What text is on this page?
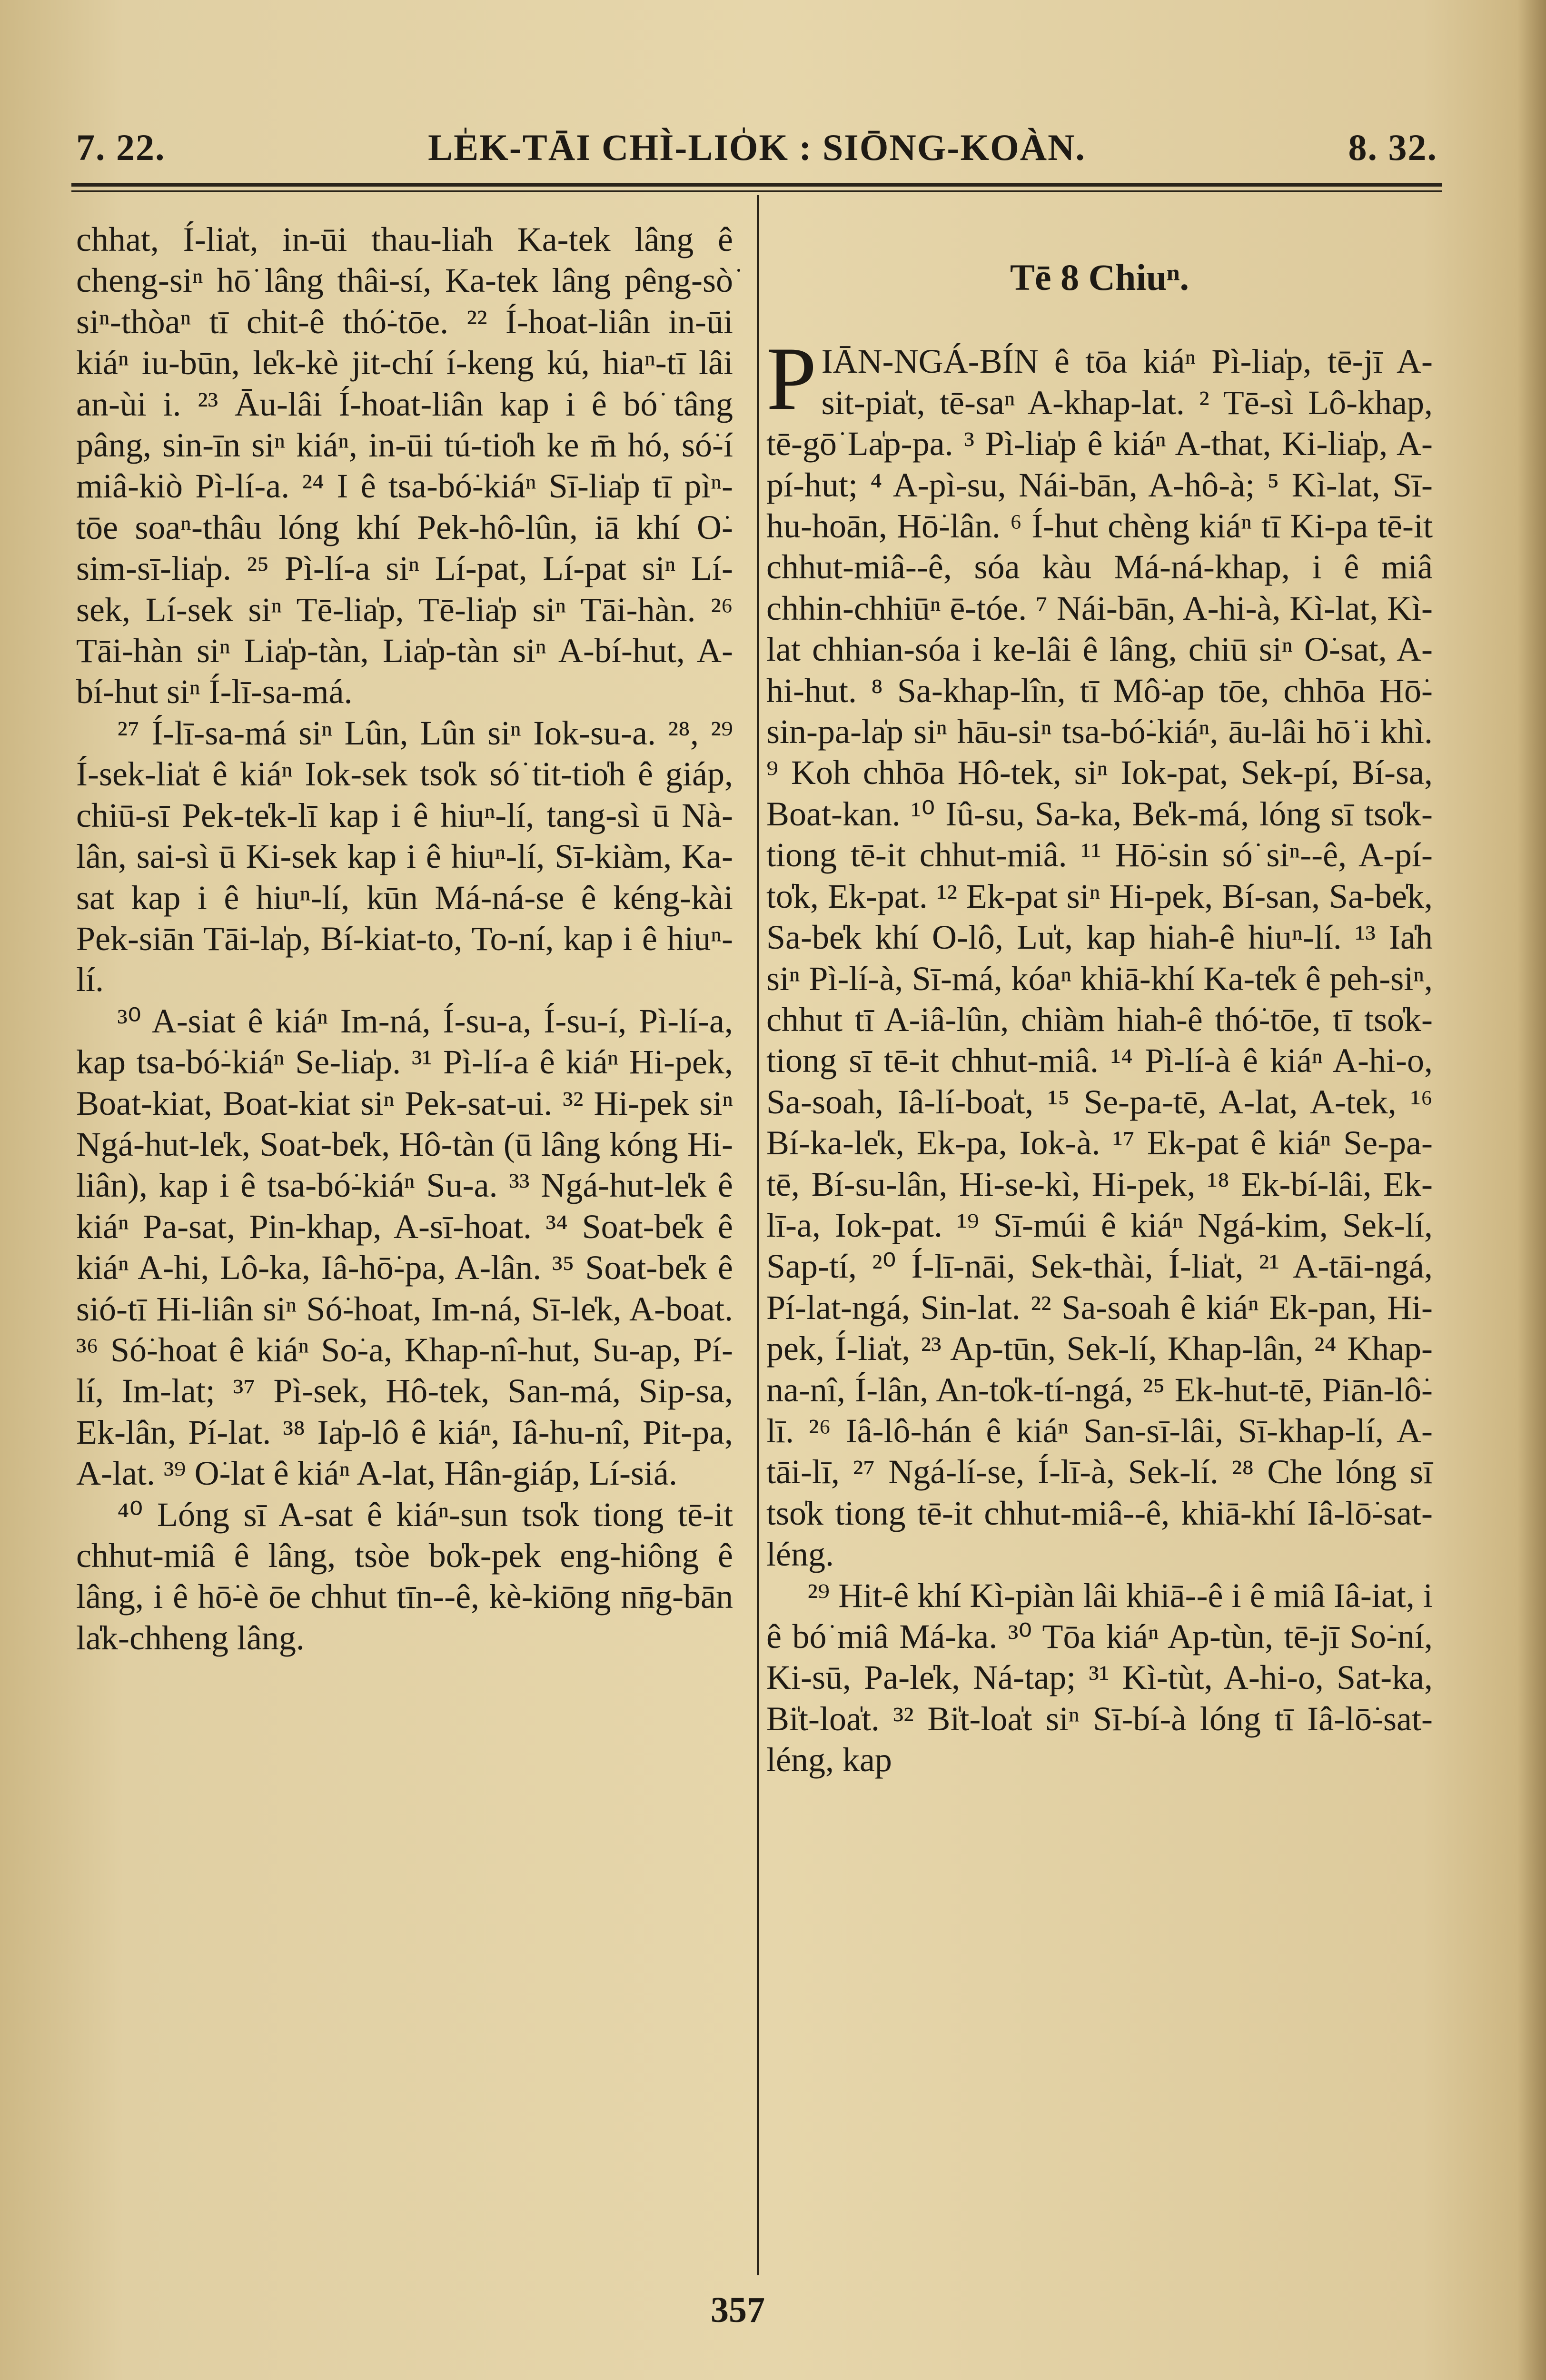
7. 22.	LE̍K-TĀI CHÌ-LIO̍K : SIŌNG-KOÀN.	8. 32.

chhat, Í-lia̍t, in-ūi thau-lia̍h Ka-tek lâng ê cheng-siⁿ hō͘ lâng thâi-sí, Ka-tek lâng pêng-sò͘ siⁿ-thòaⁿ tī chit-ê thó͘-tōe. ²² Í-hoat-liân in-ūi kiáⁿ iu-būn, le̍k-kè jit-chí í-keng kú, hiaⁿ-tī lâi an-ùi i. ²³ Āu-lâi Í-hoat-liân kap i ê bó͘ tâng pâng, sin-īn siⁿ kiáⁿ, in-ūi tú-tio̍h ke m̄ hó, só͘-í miâ-kiò Pì-lí-a. ²⁴ I ê tsa-bó͘-kiáⁿ Sī-lia̍p tī pìⁿ-tōe soaⁿ-thâu lóng khí Pek-hô-lûn, iā khí O͘-sim-sī-lia̍p. ²⁵ Pì-lí-a siⁿ Lí-pat, Lí-pat siⁿ Lí-sek, Lí-sek siⁿ Tē-lia̍p, Tē-lia̍p siⁿ Tāi-hàn. ²⁶ Tāi-hàn siⁿ Lia̍p-tàn, Lia̍p-tàn siⁿ A-bí-hut, A-bí-hut siⁿ Í-lī-sa-má.

²⁷ Í-lī-sa-má siⁿ Lûn, Lûn siⁿ Iok-su-a. ²⁸, ²⁹ Í-sek-lia̍t ê kiáⁿ Iok-sek tso̍k só͘ tit-tio̍h ê giáp, chiū-sī Pek-te̍k-lī kap i ê hiuⁿ-lí, tang-sì ū Nà-lân, sai-sì ū Ki-sek kap i ê hiuⁿ-lí, Sī-kiàm, Ka-sat kap i ê hiuⁿ-lí, kūn Má-ná-se ê kéng-kài Pek-siān Tāi-la̍p, Bí-kiat-to, To-ní, kap i ê hiuⁿ-lí.

³⁰ A-siat ê kiáⁿ Im-ná, Í-su-a, Í-su-í, Pì-lí-a, kap tsa-bó͘-kiáⁿ Se-lia̍p. ³¹ Pì-lí-a ê kiáⁿ Hi-pek, Boat-kiat, Boat-kiat siⁿ Pek-sat-ui. ³² Hi-pek siⁿ Ngá-hut-le̍k, Soat-be̍k, Hô-tàn (ū lâng kóng Hi-liân), kap i ê tsa-bó͘-kiáⁿ Su-a. ³³ Ngá-hut-le̍k ê kiáⁿ Pa-sat, Pin-khap, A-sī-hoat. ³⁴ Soat-be̍k ê kiáⁿ A-hi, Lô-ka, Iâ-hō͘-pa, A-lân. ³⁵ Soat-be̍k ê sió-tī Hi-liân siⁿ Só͘-hoat, Im-ná, Sī-le̍k, A-boat. ³⁶ Só͘-hoat ê kiáⁿ So͘-a, Khap-nî-hut, Su-ap, Pí-lí, Im-lat; ³⁷ Pì-sek, Hô-tek, San-má, Sip-sa, Ek-lân, Pí-lat. ³⁸ Ia̍p-lô ê kiáⁿ, Iâ-hu-nî, Pit-pa, A-lat. ³⁹ O͘-lat ê kiáⁿ A-lat, Hân-giáp, Lí-siá.

⁴⁰ Lóng sī A-sat ê kiáⁿ-sun tso̍k tiong tē-it chhut-miâ ê lâng, tsòe bo̍k-pek eng-hiông ê lâng, i ê hō͘-è ōe chhut tīn--ê, kè-kiōng nn̄g-bān la̍k-chheng lâng.

Tē 8 Chiuⁿ.

PIĀN-NGÁ-BÍN ê tōa kiáⁿ Pì-lia̍p, tē-jī A-sit-pia̍t, tē-saⁿ A-khap-lat. ² Tē-sì Lô-khap, tē-gō͘ La̍p-pa. ³ Pì-lia̍p ê kiáⁿ A-that, Ki-lia̍p, A-pí-hut; ⁴ A-pì-su, Nái-bān, A-hô-à; ⁵ Kì-lat, Sī-hu-hoān, Hō͘-lân. ⁶ Í-hut chèng kiáⁿ tī Ki-pa tē-it chhut-miâ--ê, sóa kàu Má-ná-khap, i ê miâ chhin-chhiūⁿ ē-tóe. ⁷ Nái-bān, A-hi-à, Kì-lat, Kì-lat chhian-sóa i ke-lâi ê lâng, chiū siⁿ O͘-sat, A-hi-hut. ⁸ Sa-khap-lîn, tī Mô͘-ap tōe, chhōa Hō͘-sin-pa-la̍p siⁿ hāu-siⁿ tsa-bó͘-kiáⁿ, āu-lâi hō͘ i khì. ⁹ Koh chhōa Hô-tek, siⁿ Iok-pat, Sek-pí, Bí-sa, Boat-kan. ¹⁰ Iû-su, Sa-ka, Be̍k-má, lóng sī tso̍k-tiong tē-it chhut-miâ. ¹¹ Hō͘-sin só͘ siⁿ--ê, A-pí-to̍k, Ek-pat. ¹² Ek-pat siⁿ Hi-pek, Bí-san, Sa-be̍k, Sa-be̍k khí O-lô, Lu̍t, kap hiah-ê hiuⁿ-lí. ¹³ Ia̍h siⁿ Pì-lí-à, Sī-má, kóaⁿ khiā-khí Ka-te̍k ê peh-siⁿ, chhut tī A-iâ-lûn, chiàm hiah-ê thó͘-tōe, tī tso̍k-tiong sī tē-it chhut-miâ. ¹⁴ Pì-lí-à ê kiáⁿ A-hi-o, Sa-soah, Iâ-lí-boa̍t, ¹⁵ Se-pa-tē, A-lat, A-tek, ¹⁶ Bí-ka-le̍k, Ek-pa, Iok-à. ¹⁷ Ek-pat ê kiáⁿ Se-pa-tē, Bí-su-lân, Hi-se-kì, Hi-pek, ¹⁸ Ek-bí-lâi, Ek-lī-a, Iok-pat. ¹⁹ Sī-múi ê kiáⁿ Ngá-kim, Sek-lí, Sap-tí, ²⁰ Í-lī-nāi, Sek-thài, Í-lia̍t, ²¹ A-tāi-ngá, Pí-lat-ngá, Sin-lat. ²² Sa-soah ê kiáⁿ Ek-pan, Hi-pek, Í-lia̍t, ²³ Ap-tūn, Sek-lí, Khap-lân, ²⁴ Khap-na-nî, Í-lân, An-to̍k-tí-ngá, ²⁵ Ek-hut-tē, Piān-lô͘-lī. ²⁶ Iâ-lô-hán ê kiáⁿ San-sī-lâi, Sī-khap-lí, A-tāi-lī, ²⁷ Ngá-lí-se, Í-lī-à, Sek-lí. ²⁸ Che lóng sī tso̍k tiong tē-it chhut-miâ--ê, khiā-khí Iâ-lō͘-sat-léng.

²⁹ Hit-ê khí Kì-piàn lâi khiā--ê i ê miâ Iâ-iat, i ê bó͘ miâ Má-ka. ³⁰ Tōa kiáⁿ Ap-tùn, tē-jī So͘-ní, Ki-sū, Pa-le̍k, Ná-tap; ³¹ Kì-tùt, A-hi-o, Sat-ka, Bi̍t-loa̍t. ³² Bi̍t-loa̍t siⁿ Sī-bí-à lóng tī Iâ-lō͘-sat-léng, kap

357
